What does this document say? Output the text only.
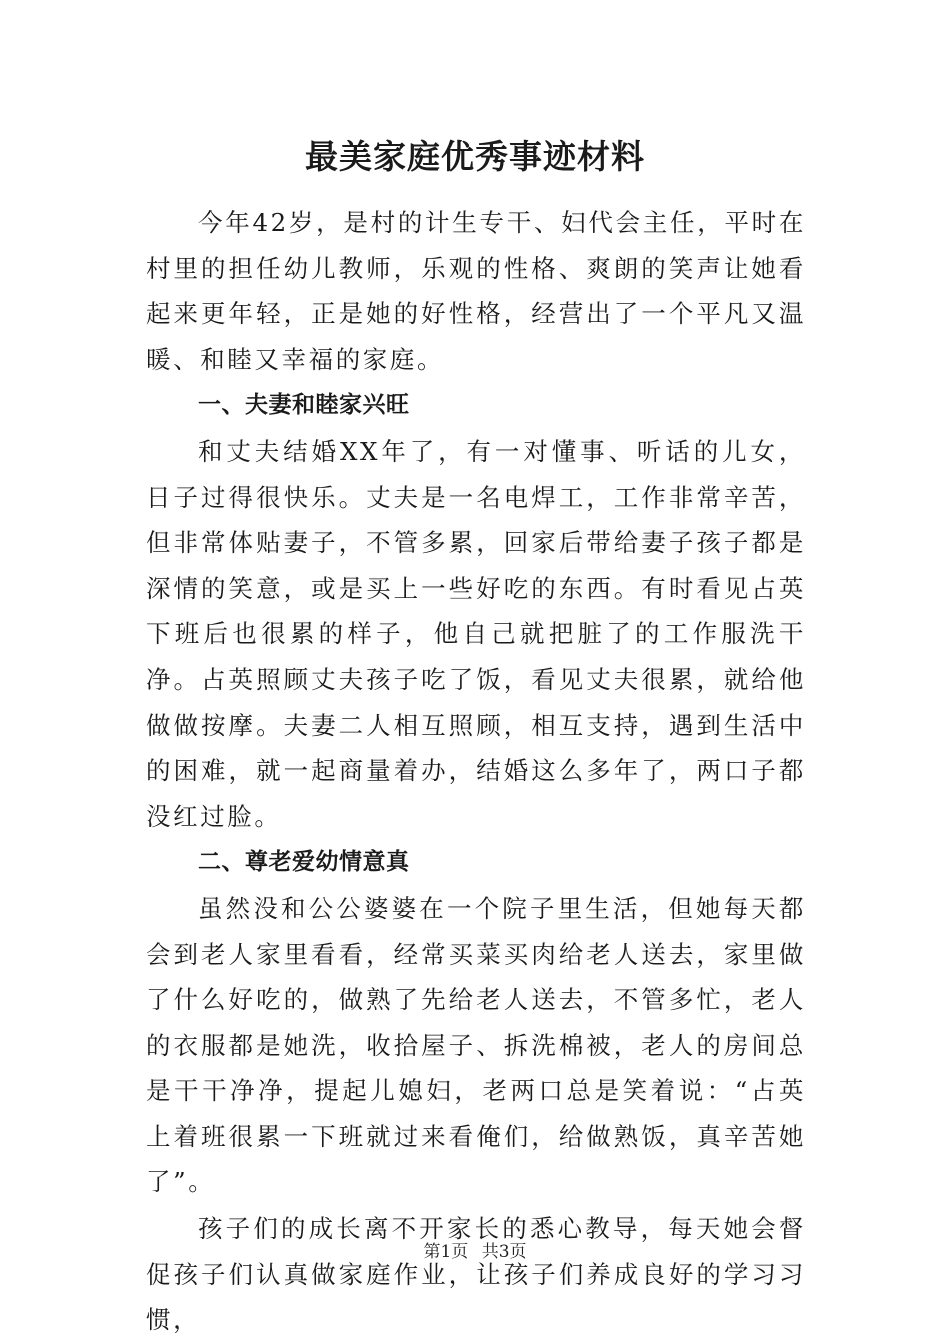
最美家庭优秀事迹材料

今年42岁，是村的计生专干、妇代会主任，平时在村里的担任幼儿教师，乐观的性格、爽朗的笑声让她看起来更年轻，正是她的好性格，经营出了一个平凡又温暖、和睦又幸福的家庭。

一、夫妻和睦家兴旺

和丈夫结婚XX年了，有一对懂事、听话的儿女，日子过得很快乐。丈夫是一名电焊工，工作非常辛苦，但非常体贴妻子，不管多累，回家后带给妻子孩子都是深情的笑意，或是买上一些好吃的东西。有时看见占英下班后也很累的样子，他自己就把脏了的工作服洗干净。占英照顾丈夫孩子吃了饭，看见丈夫很累，就给他做做按摩。夫妻二人相互照顾，相互支持，遇到生活中的困难，就一起商量着办，结婚这么多年了，两口子都没红过脸。

二、尊老爱幼情意真

虽然没和公公婆婆在一个院子里生活，但她每天都会到老人家里看看，经常买菜买肉给老人送去，家里做了什么好吃的，做熟了先给老人送去，不管多忙，老人的衣服都是她洗，收拾屋子、拆洗棉被，老人的房间总是干干净净，提起儿媳妇，老两口总是笑着说：“占英上着班很累一下班就过来看俺们，给做熟饭，真辛苦她了”。

孩子们的成长离不开家长的悉心教导，每天她会督促孩子们认真做家庭作业，让孩子们养成良好的学习习惯，

第1页 共3页
